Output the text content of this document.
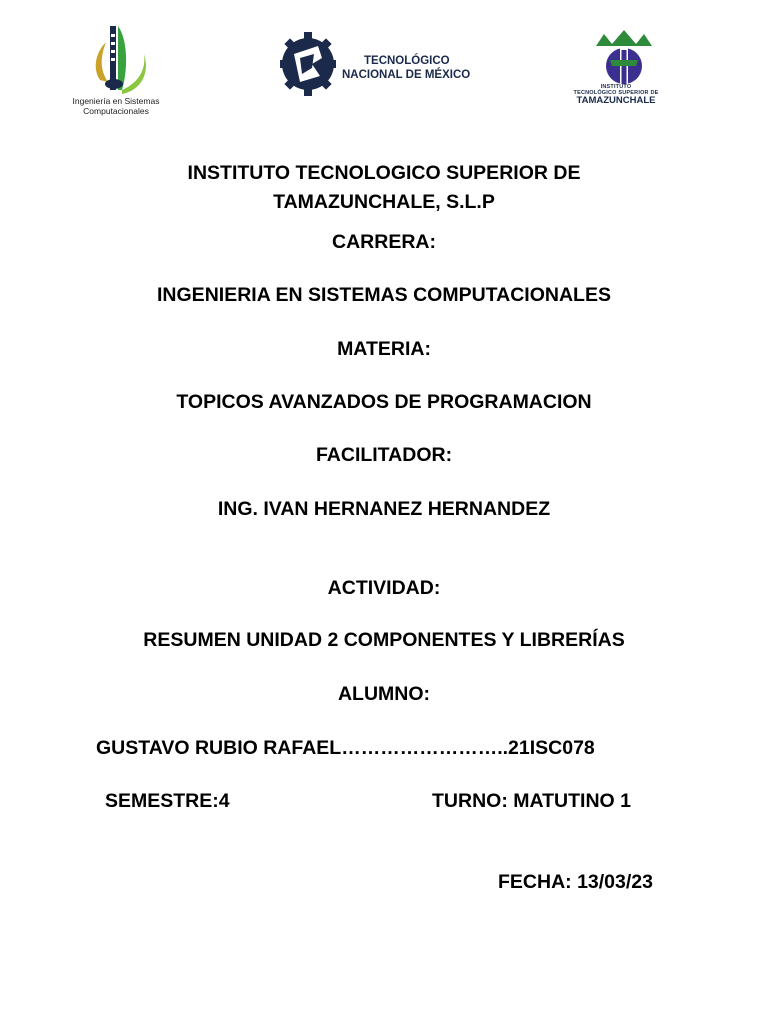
Ingeniería en Sistemas
Computacionales
TECNOLÓGICO
NACIONAL DE MÉXICO
INSTITUTO
TECNOLÓGICO SUPERIOR DE
TAMAZUNCHALE
INSTITUTO TECNOLOGICO SUPERIOR DE
TAMAZUNCHALE, S.L.P
CARRERA:
INGENIERIA EN SISTEMAS COMPUTACIONALES
MATERIA:
TOPICOS AVANZADOS DE PROGRAMACION
FACILITADOR:
ING. IVAN HERNANEZ HERNANDEZ
ACTIVIDAD:
RESUMEN UNIDAD 2 COMPONENTES Y LIBRERÍAS
ALUMNO:
GUSTAVO RUBIO RAFAEL……………………..21ISC078
SEMESTRE:4	TURNO: MATUTINO 1
FECHA: 13/03/23
